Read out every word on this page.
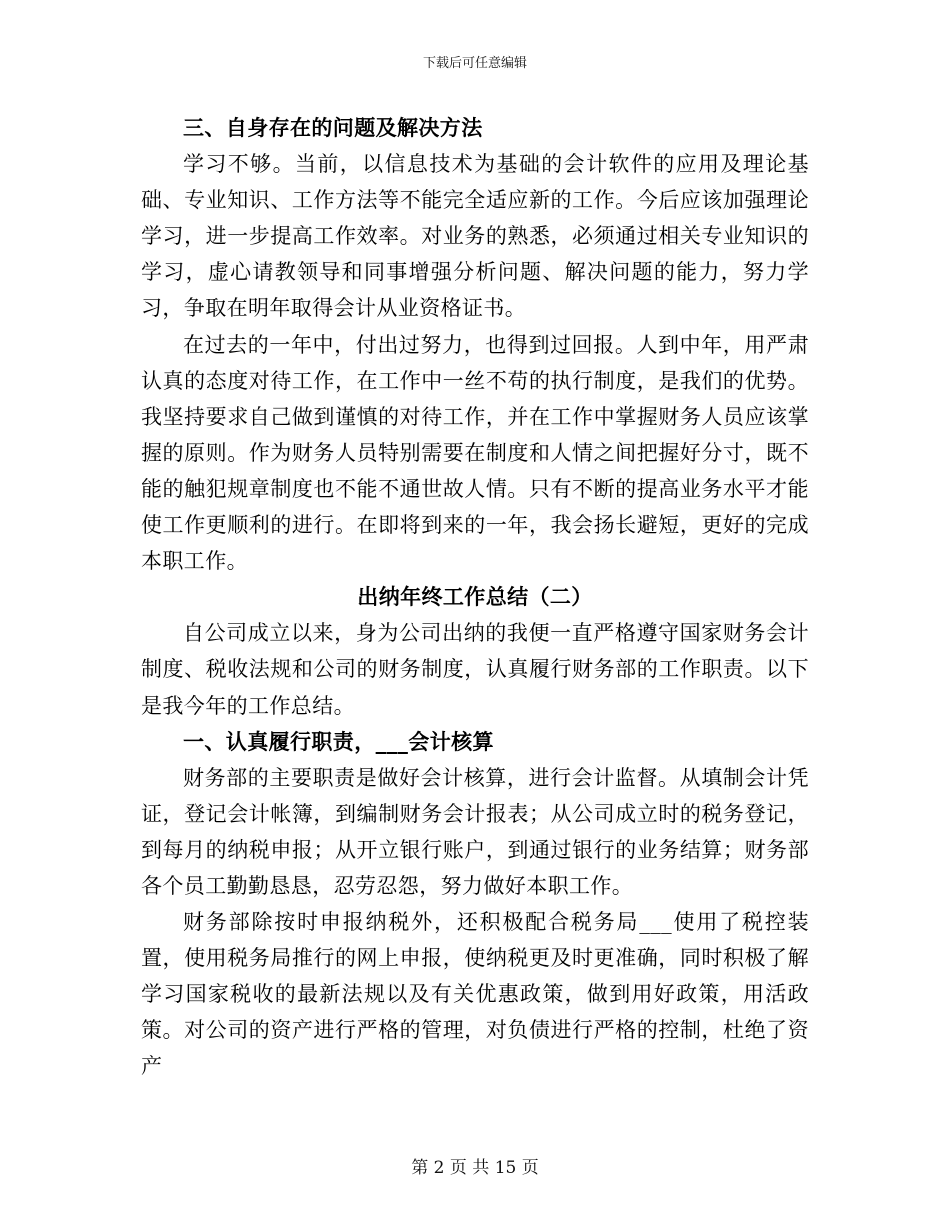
下载后可任意编辑

三、自身存在的问题及解决方法

学习不够。当前，以信息技术为基础的会计软件的应用及理论基础、专业知识、工作方法等不能完全适应新的工作。今后应该加强理论学习，进一步提高工作效率。对业务的熟悉，必须通过相关专业知识的学习，虚心请教领导和同事增强分析问题、解决问题的能力，努力学习，争取在明年取得会计从业资格证书。

在过去的一年中，付出过努力，也得到过回报。人到中年，用严肃认真的态度对待工作，在工作中一丝不苟的执行制度，是我们的优势。我坚持要求自己做到谨慎的对待工作，并在工作中掌握财务人员应该掌握的原则。作为财务人员特别需要在制度和人情之间把握好分寸，既不能的触犯规章制度也不能不通世故人情。只有不断的提高业务水平才能使工作更顺利的进行。在即将到来的一年，我会扬长避短，更好的完成本职工作。

出纳年终工作总结（二）

自公司成立以来，身为公司出纳的我便一直严格遵守国家财务会计制度、税收法规和公司的财务制度，认真履行财务部的工作职责。以下是我今年的工作总结。

一、认真履行职责，___会计核算

财务部的主要职责是做好会计核算，进行会计监督。从填制会计凭证，登记会计帐簿，到编制财务会计报表；从公司成立时的税务登记，到每月的纳税申报；从开立银行账户，到通过银行的业务结算；财务部各个员工勤勤恳恳，忍劳忍怨，努力做好本职工作。

财务部除按时申报纳税外，还积极配合税务局___使用了税控装置，使用税务局推行的网上申报，使纳税更及时更准确，同时积极了解学习国家税收的最新法规以及有关优惠政策，做到用好政策，用活政策。对公司的资产进行严格的管理，对负债进行严格的控制，杜绝了资产

第 2 页 共 15 页
